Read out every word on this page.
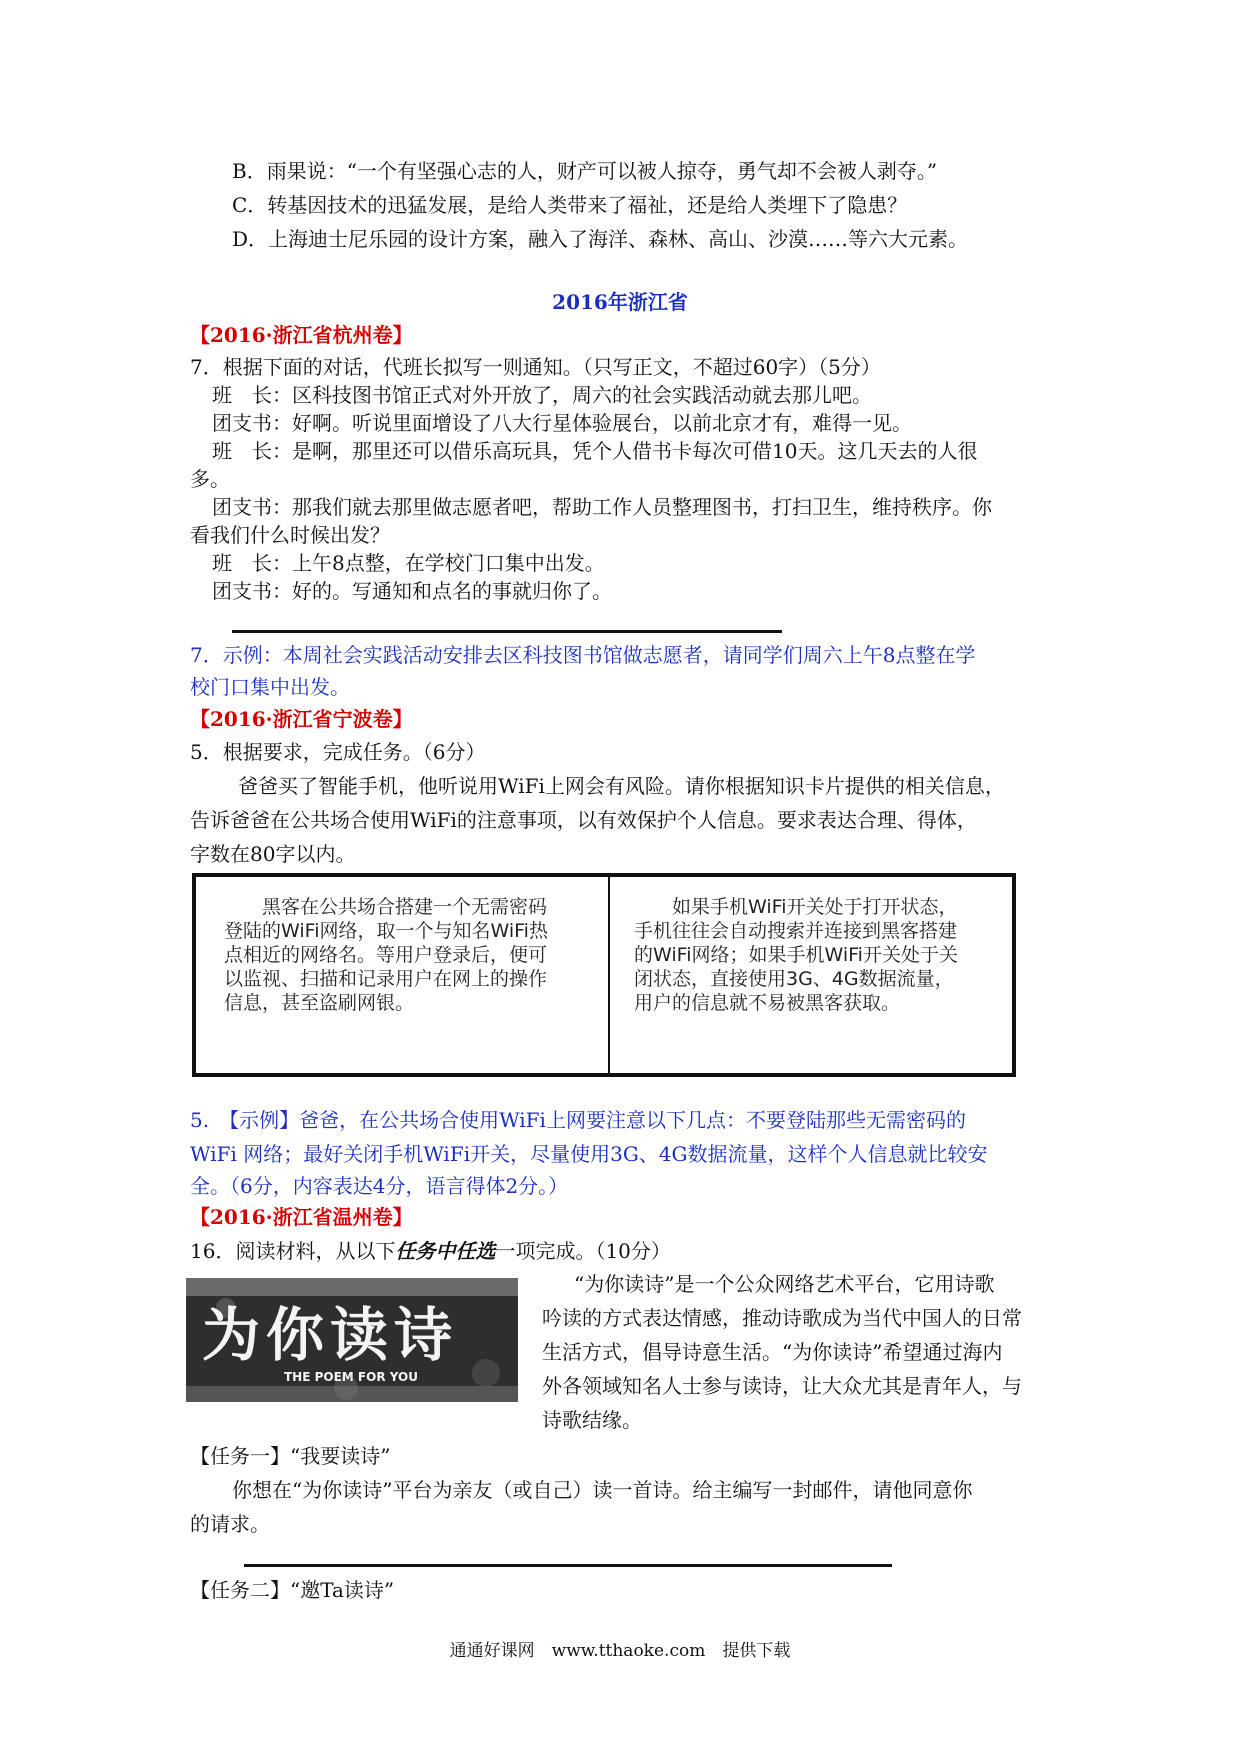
B．雨果说：“一个有坚强心志的人，财产可以被人掠夺，勇气却不会被人剥夺。”
C．转基因技术的迅猛发展，是给人类带来了福祉，还是给人类埋下了隐患？
D．上海迪士尼乐园的设计方案，融入了海洋、森林、高山、沙漠……等六大元素。
2016年浙江省
【2016·浙江省杭州卷】
7．根据下面的对话，代班长拟写一则通知。（只写正文，不超过60字）（5分）
班　长：区科技图书馆正式对外开放了，周六的社会实践活动就去那儿吧。
团支书：好啊。听说里面增设了八大行星体验展台，以前北京才有，难得一见。
班　长：是啊，那里还可以借乐高玩具，凭个人借书卡每次可借10天。这几天去的人很
多。
团支书：那我们就去那里做志愿者吧，帮助工作人员整理图书，打扫卫生，维持秩序。你
看我们什么时候出发？
班　长：上午8点整，在学校门口集中出发。
团支书：好的。写通知和点名的事就归你了。
7．示例：本周社会实践活动安排去区科技图书馆做志愿者，请同学们周六上午8点整在学
校门口集中出发。
【2016·浙江省宁波卷】
5．根据要求，完成任务。（6分）
爸爸买了智能手机，他听说用WiFi上网会有风险。请你根据知识卡片提供的相关信息，
告诉爸爸在公共场合使用WiFi的注意事项，以有效保护个人信息。要求表达合理、得体，
字数在80字以内。
黑客在公共场合搭建一个无需密码登陆的WiFi网络，取一个与知名WiFi热点相近的网络名。等用户登录后，便可以监视、扫描和记录用户在网上的操作信息，甚至盗刷网银。
如果手机WiFi开关处于打开状态，手机往往会自动搜索并连接到黑客搭建的WiFi网络；如果手机WiFi开关处于关闭状态，直接使用3G、4G数据流量，用户的信息就不易被黑客获取。
5.　【示例】爸爸，在公共场合使用WiFi上网要注意以下几点：不要登陆那些无需密码的
WiFi 网络；最好关闭手机WiFi开关，尽量使用3G、4G数据流量，这样个人信息就比较安
全。（6分，内容表达4分，语言得体2分。）
【2016·浙江省温州卷】
16．阅读材料，从以下任务中任选一项完成。（10分）
为你读诗
THE POEM FOR YOU
“为你读诗”是一个公众网络艺术平台，它用诗歌
吟读的方式表达情感，推动诗歌成为当代中国人的日常
生活方式，倡导诗意生活。“为你读诗”希望通过海内
外各领域知名人士参与读诗，让大众尤其是青年人，与
诗歌结缘。
【任务一】“我要读诗”
你想在“为你读诗”平台为亲友（或自己）读一首诗。给主编写一封邮件，请他同意你
的请求。
【任务二】“邀Ta读诗”
通通好课网　www.tthaoke.com　提供下载
